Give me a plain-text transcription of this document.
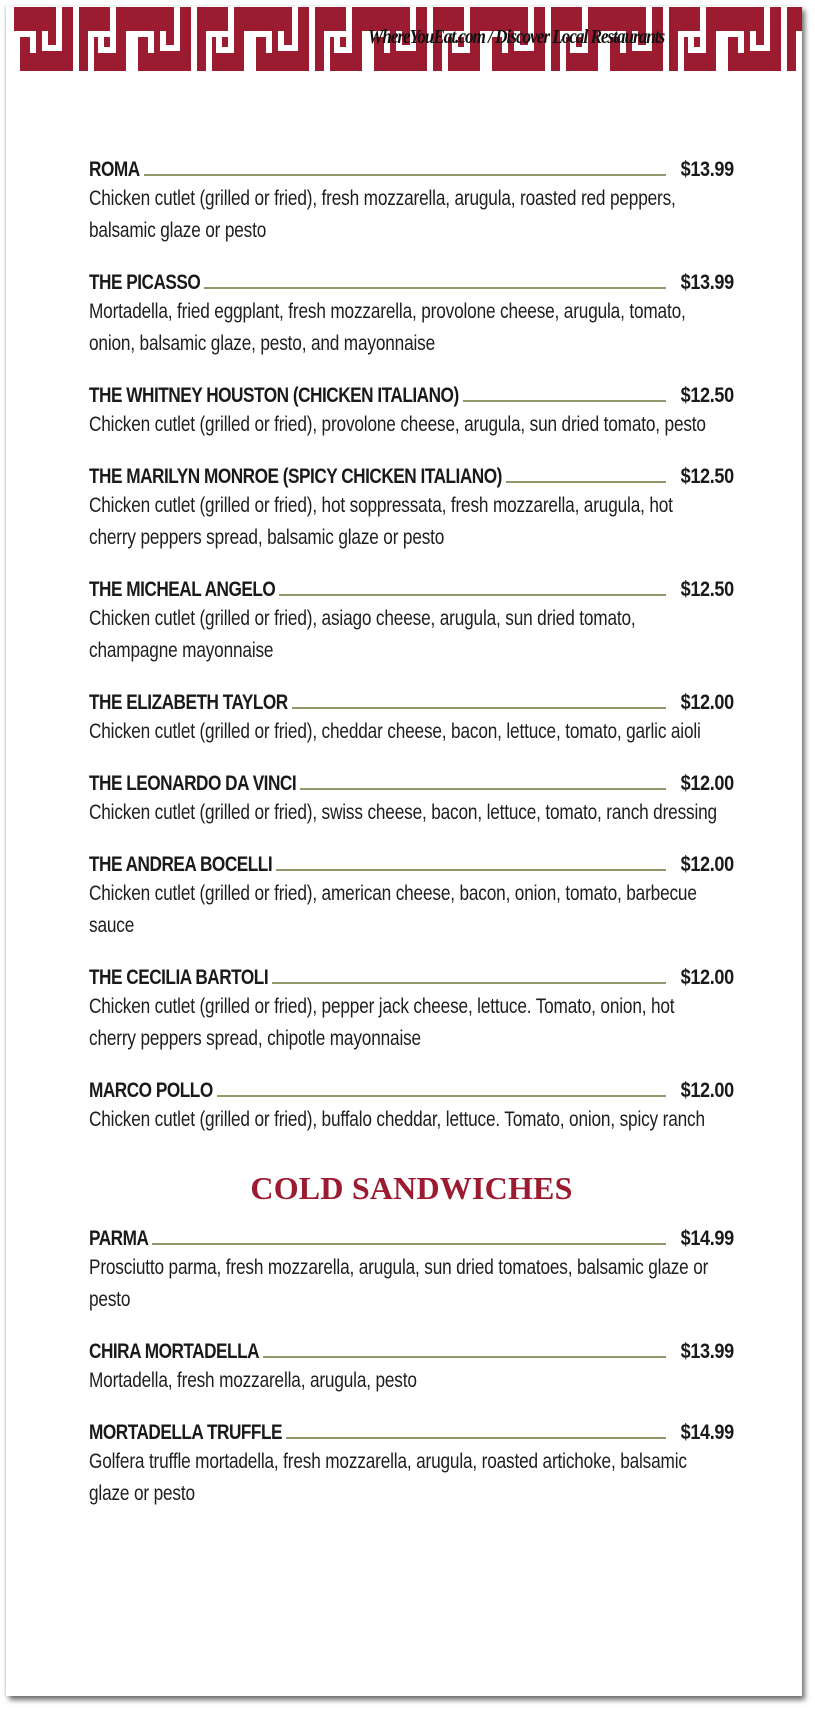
WhereYouEat.com / Discover Local Restaurants
ROMA	$13.99
Chicken cutlet (grilled or fried), fresh mozzarella, arugula, roasted red peppers, balsamic glaze or pesto
THE PICASSO	$13.99
Mortadella, fried eggplant, fresh mozzarella, provolone cheese, arugula, tomato, onion, balsamic glaze, pesto, and mayonnaise
THE WHITNEY HOUSTON (CHICKEN ITALIANO)	$12.50
Chicken cutlet (grilled or fried), provolone cheese, arugula, sun dried tomato, pesto
THE MARILYN MONROE (SPICY CHICKEN ITALIANO)	$12.50
Chicken cutlet (grilled or fried), hot soppressata, fresh mozzarella, arugula, hot cherry peppers spread, balsamic glaze or pesto
THE MICHEAL ANGELO	$12.50
Chicken cutlet (grilled or fried), asiago cheese, arugula, sun dried tomato, champagne mayonnaise
THE ELIZABETH TAYLOR	$12.00
Chicken cutlet (grilled or fried), cheddar cheese, bacon, lettuce, tomato, garlic aioli
THE LEONARDO DA VINCI	$12.00
Chicken cutlet (grilled or fried), swiss cheese, bacon, lettuce, tomato, ranch dressing
THE ANDREA BOCELLI	$12.00
Chicken cutlet (grilled or fried), american cheese, bacon, onion, tomato, barbecue sauce
THE CECILIA BARTOLI	$12.00
Chicken cutlet (grilled or fried), pepper jack cheese, lettuce. Tomato, onion, hot cherry peppers spread, chipotle mayonnaise
MARCO POLLO	$12.00
Chicken cutlet (grilled or fried), buffalo cheddar, lettuce. Tomato, onion, spicy ranch
COLD SANDWICHES
PARMA	$14.99
Prosciutto parma, fresh mozzarella, arugula, sun dried tomatoes, balsamic glaze or pesto
CHIRA MORTADELLA	$13.99
Mortadella, fresh mozzarella, arugula, pesto
MORTADELLA TRUFFLE	$14.99
Golfera truffle mortadella, fresh mozzarella, arugula, roasted artichoke, balsamic glaze or pesto
